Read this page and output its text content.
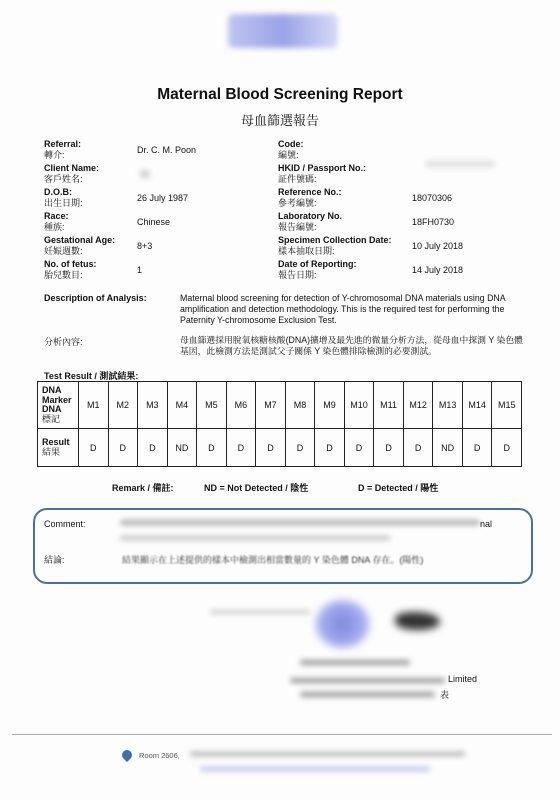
Maternal Blood Screening Report
母血篩選報告
Referral:
轉介:	Dr. C. M. Poon
Client Name:
客戶姓名:
D.O.B:
出生日期:	26 July 1987
Race:
種族:	Chinese
Gestational Age:
妊娠週數:	8+3
No. of fetus:
胎兒數目:	1
Code:
編號:
HKID / Passport No.:
証件號碼:
Reference No.:
參考編號:	18070306
Laboratory No.
報告編號:	18FH0730
Specimen Collection Date:
樣本抽取日期:	10 July 2018
Date of Reporting:
報告日期:	14 July 2018
Description of Analysis:	Maternal blood screening for detection of Y-chromosomal DNA materials using DNA amplification and detection methodology. This is the required test for performing the Paternity Y-chromosome Exclusion Test.
分析內容:	母血篩選採用脫氧核糖核酸(DNA)擴增及最先進的微量分析方法，從母血中探測 Y 染色體基因，此檢測方法是測試父子關係 Y 染色體排除檢測的必要測試。
Test Result / 測試結果:
DNA
Marker
DNA
標記	M1	M2	M3	M4	M5	M6	M7	M8	M9	M10	M11	M12	M13	M14	M15

Result
結果	D	D	D	ND	D	D	D	D	D	D	D	D	ND	D	D
Remark / 備註:	ND = Not Detected / 陰性	D = Detected / 陽性
Comment:	nal
結論:	結果顯示在上述提供的樣本中檢測出相當數量的 Y 染色體 DNA 存在。(陽性)
Limited
表
Room 2606,
